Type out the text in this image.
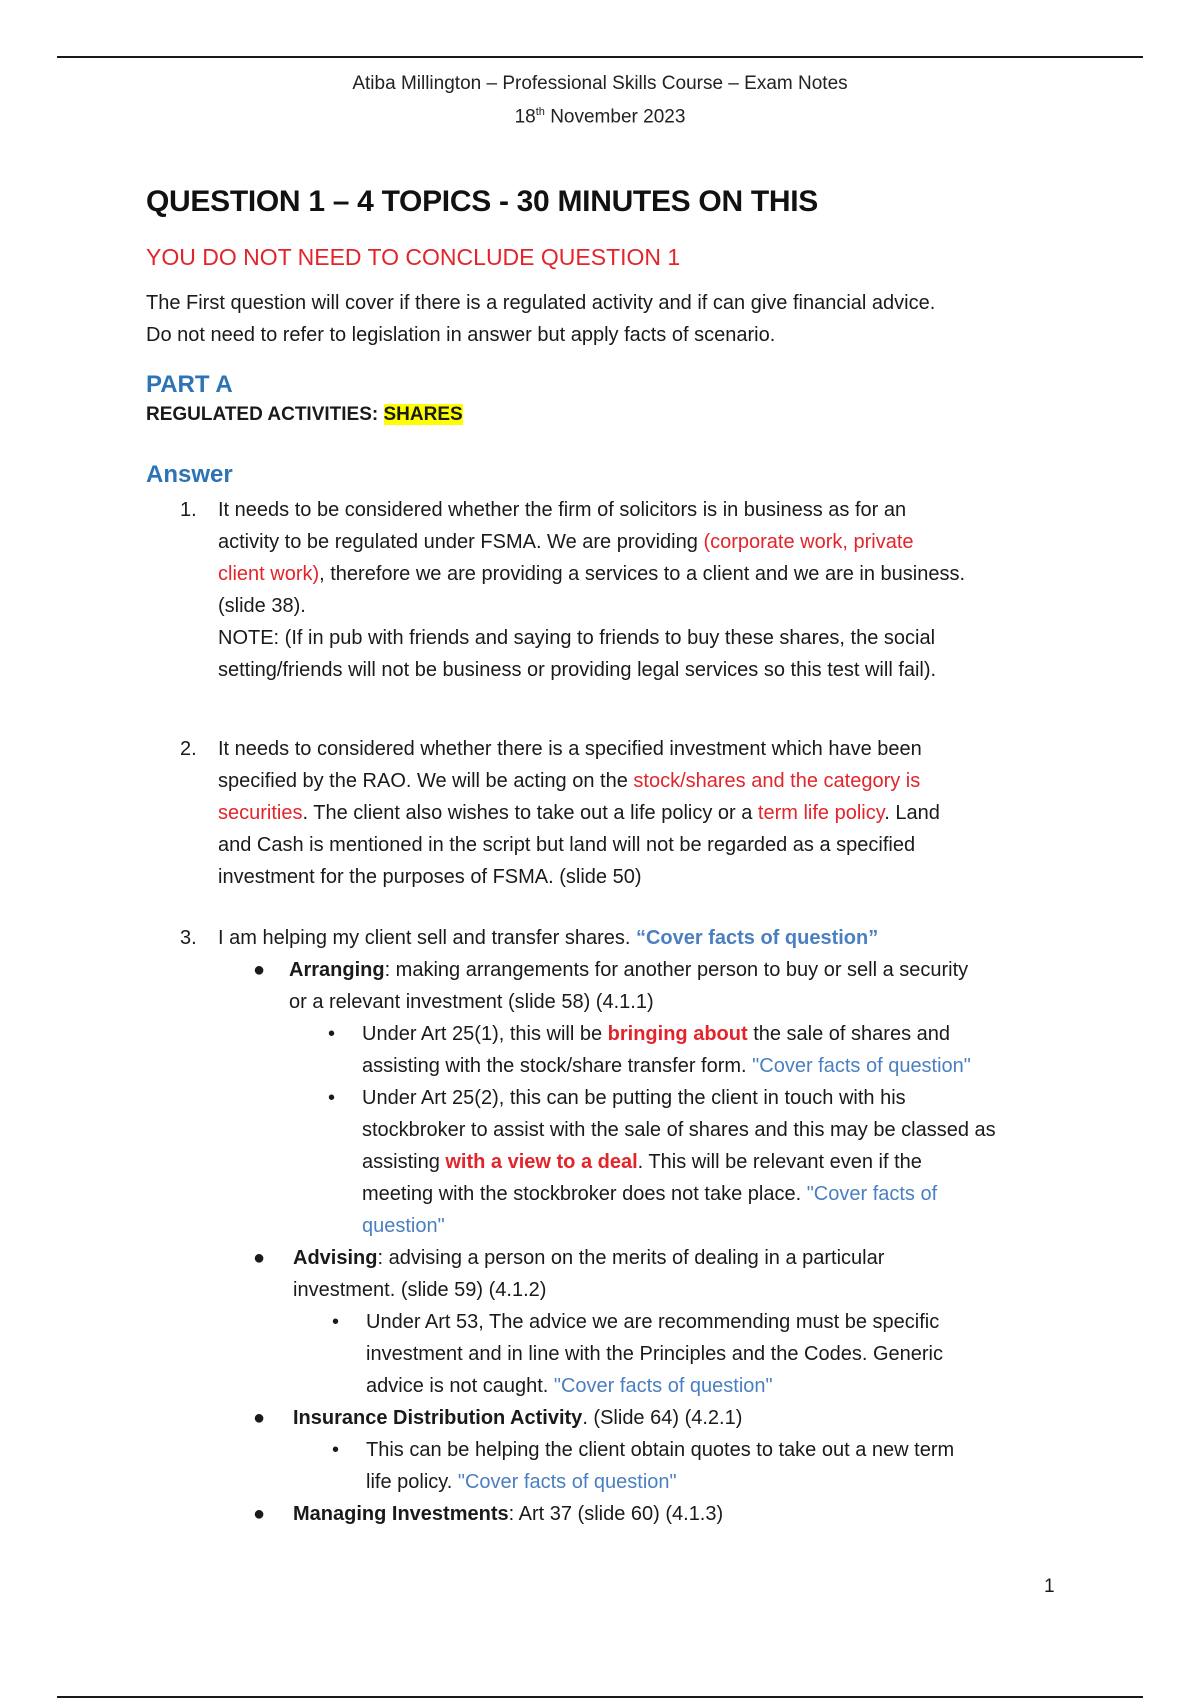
Atiba Millington – Professional Skills Course – Exam Notes
18th November 2023
QUESTION 1 – 4 TOPICS - 30 MINUTES ON THIS
YOU DO NOT NEED TO CONCLUDE QUESTION 1
The First question will cover if there is a regulated activity and if can give financial advice.
Do not need to refer to legislation in answer but apply facts of scenario.
PART A
REGULATED ACTIVITIES: SHARES
Answer
1. It needs to be considered whether the firm of solicitors is in business as for an
activity to be regulated under FSMA. We are providing (corporate work, private
client work), therefore we are providing a services to a client and we are in business.
(slide 38).
NOTE: (If in pub with friends and saying to friends to buy these shares, the social
setting/friends will not be business or providing legal services so this test will fail).
2. It needs to considered whether there is a specified investment which have been
specified by the RAO. We will be acting on the stock/shares and the category is
securities. The client also wishes to take out a life policy or a term life policy. Land
and Cash is mentioned in the script but land will not be regarded as a specified
investment for the purposes of FSMA. (slide 50)
3. I am helping my client sell and transfer shares. “Cover facts of question”
● Arranging: making arrangements for another person to buy or sell a security
or a relevant investment (slide 58) (4.1.1)
• Under Art 25(1), this will be bringing about the sale of shares and
assisting with the stock/share transfer form. "Cover facts of question"
• Under Art 25(2), this can be putting the client in touch with his
stockbroker to assist with the sale of shares and this may be classed as
assisting with a view to a deal. This will be relevant even if the
meeting with the stockbroker does not take place. "Cover facts of
question"
● Advising: advising a person on the merits of dealing in a particular
investment. (slide 59) (4.1.2)
• Under Art 53, The advice we are recommending must be specific
investment and in line with the Principles and the Codes. Generic
advice is not caught. "Cover facts of question"
● Insurance Distribution Activity. (Slide 64) (4.2.1)
• This can be helping the client obtain quotes to take out a new term
life policy. "Cover facts of question"
● Managing Investments: Art 37 (slide 60) (4.1.3)
1
